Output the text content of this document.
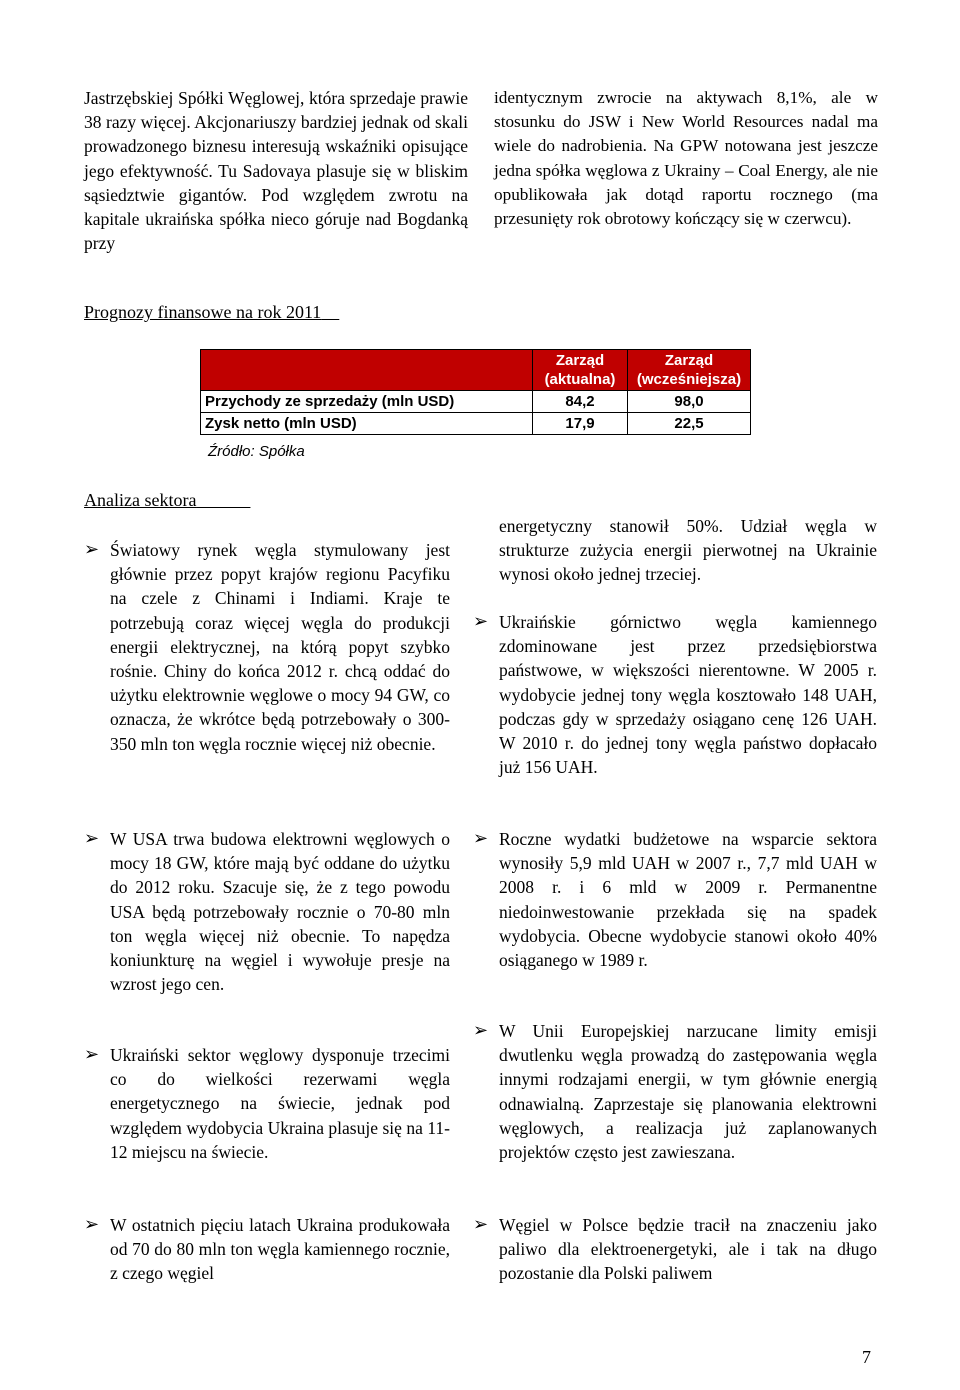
Jastrzębskiej Spółki Węglowej, która sprzedaje prawie 38 razy więcej. Akcjonariuszy bardziej jednak od skali prowadzonego biznesu interesują wskaźniki opisujące jego efektywność. Tu Sadovaya plasuje się w bliskim sąsiedztwie gigantów. Pod względem zwrotu na kapitale ukraińska spółka nieco góruje nad Bogdanką przy
identycznym zwrocie na aktywach 8,1%, ale w stosunku do JSW i New World Resources nadal ma wiele do nadrobienia. Na GPW notowana jest jeszcze jedna spółka węglowa z Ukrainy – Coal Energy, ale nie opublikowała jak dotąd raportu rocznego (ma przesunięty rok obrotowy kończący się w czerwcu).
Prognozy finansowe na rok 2011
	Zarząd (aktualna)	Zarząd (wcześniejsza)
Przychody ze sprzedaży (mln USD)	84,2	98,0
Zysk netto (mln USD)	17,9	22,5
Źródło: Spółka
Analiza sektora
➢ Światowy rynek węgla stymulowany jest głównie przez popyt krajów regionu Pacyfiku na czele z Chinami i Indiami. Kraje te potrzebują coraz więcej węgla do produkcji energii elektrycznej, na którą popyt szybko rośnie. Chiny do końca 2012 r. chcą oddać do użytku elektrownie węglowe o mocy 94 GW, co oznacza, że wkrótce będą potrzebowały o 300-350 mln ton węgla rocznie więcej niż obecnie.
➢ W USA trwa budowa elektrowni węglowych o mocy 18 GW, które mają być oddane do użytku do 2012 roku. Szacuje się, że z tego powodu USA będą potrzebowały rocznie o 70-80 mln ton węgla więcej niż obecnie. To napędza koniunkturę na węgiel i wywołuje presje na wzrost jego cen.
➢ Ukraiński sektor węglowy dysponuje trzecimi co do wielkości rezerwami węgla energetycznego na świecie, jednak pod względem wydobycia Ukraina plasuje się na 11-12 miejscu na świecie.
➢ W ostatnich pięciu latach Ukraina produkowała od 70 do 80 mln ton węgla kamiennego rocznie, z czego węgiel
energetyczny stanowił 50%. Udział węgla w strukturze zużycia energii pierwotnej na Ukrainie wynosi około jednej trzeciej.
➢ Ukraińskie górnictwo węgla kamiennego zdominowane jest przez przedsiębiorstwa państwowe, w większości nierentowne. W 2005 r. wydobycie jednej tony węgla kosztowało 148 UAH, podczas gdy w sprzedaży osiągano cenę 126 UAH. W 2010 r. do jednej tony węgla państwo dopłacało już 156 UAH.
➢ Roczne wydatki budżetowe na wsparcie sektora wynosiły 5,9 mld UAH w 2007 r., 7,7 mld UAH w 2008 r. i 6 mld w 2009 r. Permanentne niedoinwestowanie przekłada się na spadek wydobycia. Obecne wydobycie stanowi około 40% osiąganego w 1989 r.
➢ W Unii Europejskiej narzucane limity emisji dwutlenku węgla prowadzą do zastępowania węgla innymi rodzajami energii, w tym głównie energią odnawialną. Zaprzestaje się planowania elektrowni węglowych, a realizacja już zaplanowanych projektów często jest zawieszana.
➢ Węgiel w Polsce będzie tracił na znaczeniu jako paliwo dla elektroenergetyki, ale i tak na długo pozostanie dla Polski paliwem
7
